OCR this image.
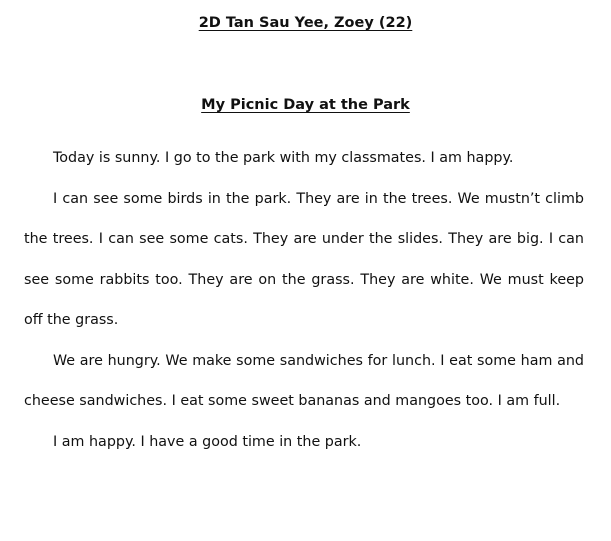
2D Tan Sau Yee, Zoey (22)
My Picnic Day at the Park

Today is sunny. I go to the park with my classmates. I am happy.

I can see some birds in the park. They are in the trees. We mustn’t climb the trees. I can see some cats. They are under the slides. They are big. I can see some rabbits too. They are on the grass. They are white. We must keep off the grass.

We are hungry. We make some sandwiches for lunch. I eat some ham and cheese sandwiches. I eat some sweet bananas and mangoes too. I am full.

I am happy. I have a good time in the park.
